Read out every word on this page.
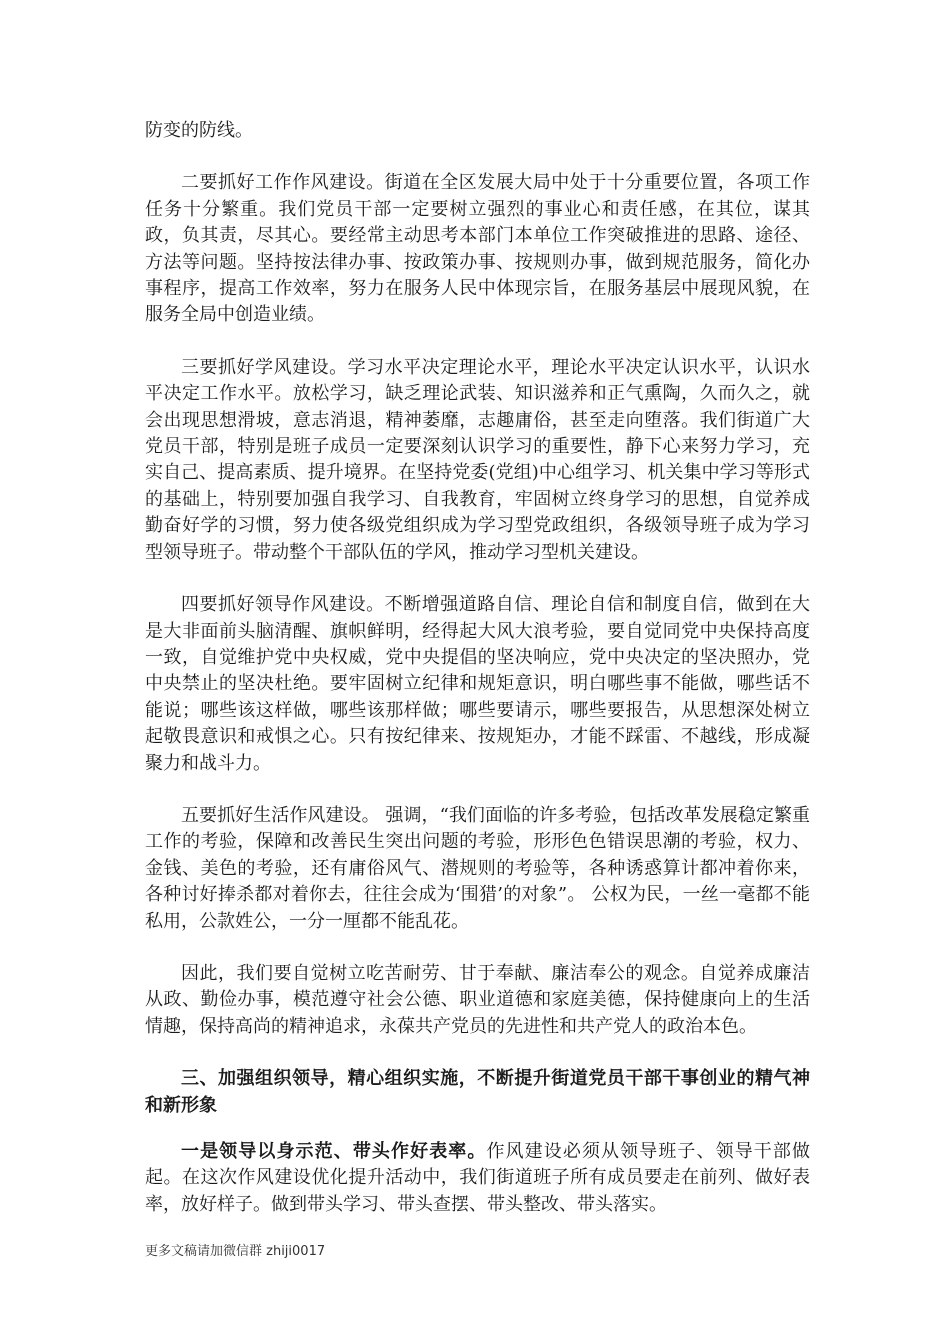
防变的防线。

二要抓好工作作风建设。街道在全区发展大局中处于十分重要位置，各项工作任务十分繁重。我们党员干部一定要树立强烈的事业心和责任感，在其位，谋其政，负其责，尽其心。要经常主动思考本部门本单位工作突破推进的思路、途径、方法等问题。坚持按法律办事、按政策办事、按规则办事，做到规范服务，简化办事程序，提高工作效率，努力在服务人民中体现宗旨，在服务基层中展现风貌，在服务全局中创造业绩。

三要抓好学风建设。学习水平决定理论水平，理论水平决定认识水平，认识水平决定工作水平。放松学习，缺乏理论武装、知识滋养和正气熏陶，久而久之，就会出现思想滑坡，意志消退，精神萎靡，志趣庸俗，甚至走向堕落。我们街道广大党员干部，特别是班子成员一定要深刻认识学习的重要性，静下心来努力学习，充实自己、提高素质、提升境界。在坚持党委(党组)中心组学习、机关集中学习等形式的基础上，特别要加强自我学习、自我教育，牢固树立终身学习的思想，自觉养成勤奋好学的习惯，努力使各级党组织成为学习型党政组织，各级领导班子成为学习型领导班子。带动整个干部队伍的学风，推动学习型机关建设。

四要抓好领导作风建设。不断增强道路自信、理论自信和制度自信，做到在大是大非面前头脑清醒、旗帜鲜明，经得起大风大浪考验，要自觉同党中央保持高度一致，自觉维护党中央权威，党中央提倡的坚决响应，党中央决定的坚决照办，党中央禁止的坚决杜绝。要牢固树立纪律和规矩意识，明白哪些事不能做，哪些话不能说；哪些该这样做，哪些该那样做；哪些要请示，哪些要报告，从思想深处树立起敬畏意识和戒惧之心。只有按纪律来、按规矩办，才能不踩雷、不越线，形成凝聚力和战斗力。

五要抓好生活作风建设。 强调，“我们面临的许多考验，包括改革发展稳定繁重工作的考验，保障和改善民生突出问题的考验，形形色色错误思潮的考验，权力、金钱、美色的考验，还有庸俗风气、潜规则的考验等，各种诱惑算计都冲着你来，各种讨好捧杀都对着你去，往往会成为‘围猎’的对象”。 公权为民，一丝一毫都不能私用，公款姓公，一分一厘都不能乱花。

因此，我们要自觉树立吃苦耐劳、甘于奉献、廉洁奉公的观念。自觉养成廉洁从政、勤俭办事，模范遵守社会公德、职业道德和家庭美德，保持健康向上的生活情趣，保持高尚的精神追求，永葆共产党员的先进性和共产党人的政治本色。

三、加强组织领导，精心组织实施，不断提升街道党员干部干事创业的精气神和新形象

一是领导以身示范、带头作好表率。作风建设必须从领导班子、领导干部做起。在这次作风建设优化提升活动中，我们街道班子所有成员要走在前列、做好表率，放好样子。做到带头学习、带头查摆、带头整改、带头落实。

更多文稿请加微信群 zhiji0017
